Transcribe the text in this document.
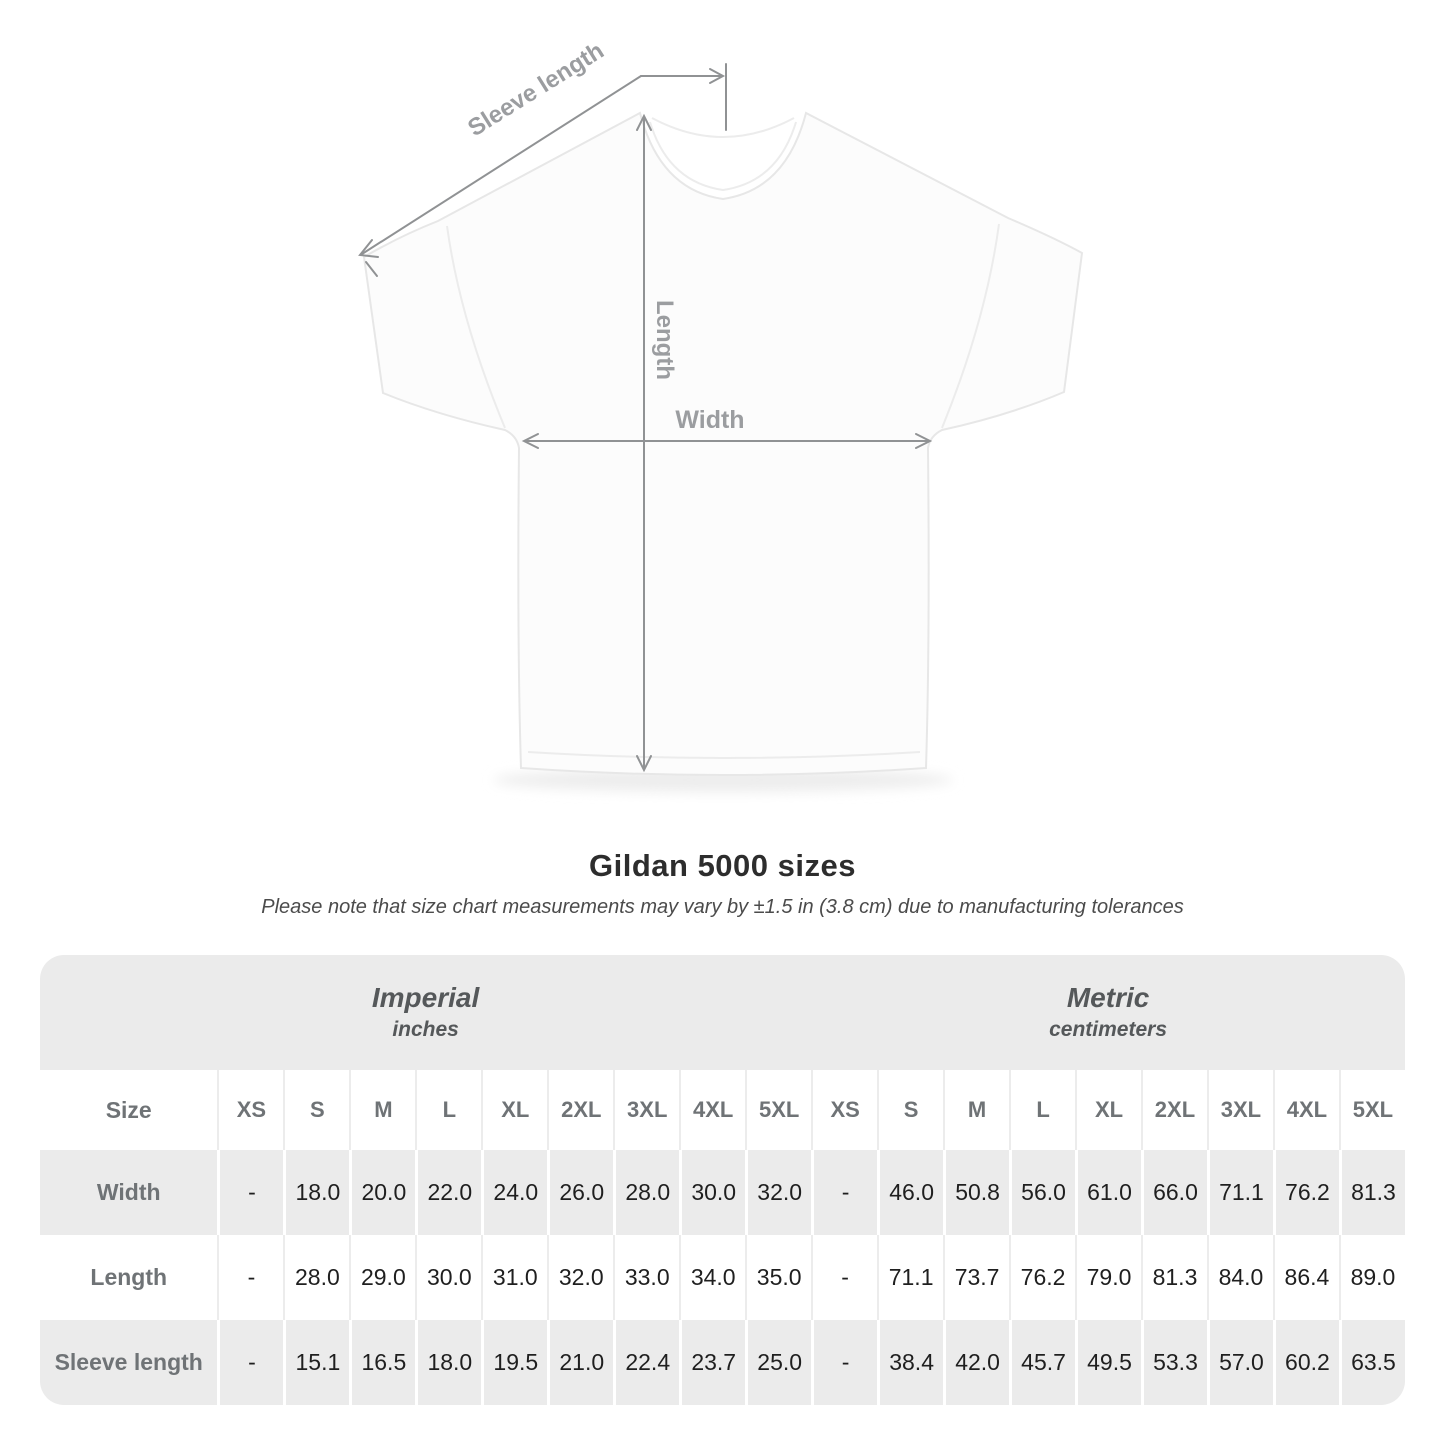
Sleeve length
Length
Width
Gildan 5000 sizes
Please note that size chart measurements may vary by ±1.5 in (3.8 cm) due to manufacturing tolerances
Imperial
inches

Metric
centimeters

Size	XS	S	M	L	XL	2XL	3XL	4XL	5XL	XS	S	M	L	XL	2XL	3XL	4XL	5XL
Width	-	18.0	20.0	22.0	24.0	26.0	28.0	30.0	32.0	-	46.0	50.8	56.0	61.0	66.0	71.1	76.2	81.3
Length	-	28.0	29.0	30.0	31.0	32.0	33.0	34.0	35.0	-	71.1	73.7	76.2	79.0	81.3	84.0	86.4	89.0
Sleeve length	-	15.1	16.5	18.0	19.5	21.0	22.4	23.7	25.0	-	38.4	42.0	45.7	49.5	53.3	57.0	60.2	63.5
